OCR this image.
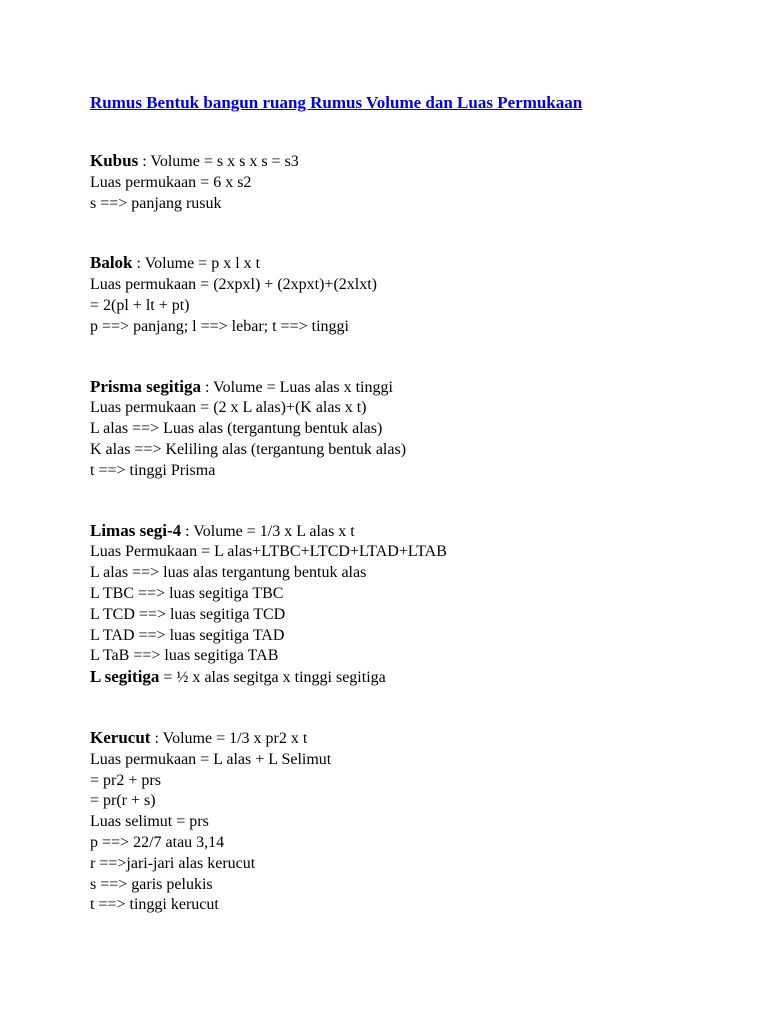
Rumus Bentuk bangun ruang Rumus Volume dan Luas Permukaan
Kubus : Volume = s x s x s = s3
Luas permukaan = 6 x s2
s ==> panjang rusuk
Balok : Volume = p x l x t
Luas permukaan = (2xpxl) + (2xpxt)+(2xlxt)
= 2(pl + lt + pt)
p ==> panjang; l ==> lebar; t ==> tinggi
Prisma segitiga : Volume = Luas alas x tinggi
Luas permukaan = (2 x L alas)+(K alas x t)
L alas ==> Luas alas (tergantung bentuk alas)
K alas ==> Keliling alas (tergantung bentuk alas)
t ==> tinggi Prisma
Limas segi-4 : Volume = 1/3 x L alas x t
Luas Permukaan = L alas+LTBC+LTCD+LTAD+LTAB
L alas ==> luas alas tergantung bentuk alas
L TBC ==> luas segitiga TBC
L TCD ==> luas segitiga TCD
L TAD ==> luas segitiga TAD
L TaB ==> luas segitiga TAB
L segitiga = ½ x alas segitga x tinggi segitiga
Kerucut : Volume = 1/3 x pr2 x t
Luas permukaan = L alas + L Selimut
= pr2 + prs
= pr(r + s)
Luas selimut = prs
p ==> 22/7 atau 3,14
r ==>jari-jari alas kerucut
s ==> garis pelukis
t ==> tinggi kerucut
